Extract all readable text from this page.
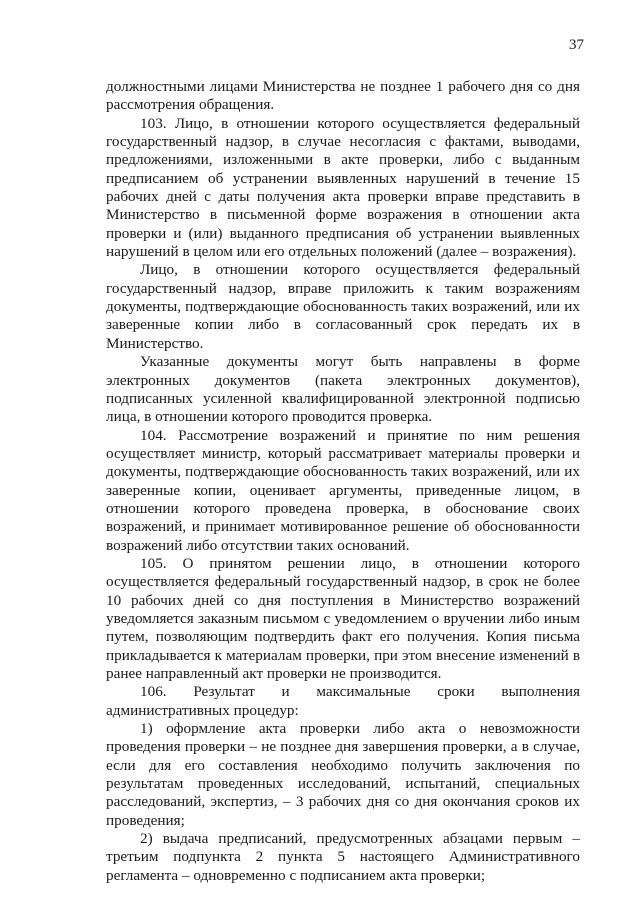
37

должностными лицами Министерства не позднее 1 рабочего дня со дня рассмотрения обращения.

103. Лицо, в отношении которого осуществляется федеральный государственный надзор, в случае несогласия с фактами, выводами, предложениями, изложенными в акте проверки, либо с выданным предписанием об устранении выявленных нарушений в течение 15 рабочих дней с даты получения акта проверки вправе представить в Министерство в письменной форме возражения в отношении акта проверки и (или) выданного предписания об устранении выявленных нарушений в целом или его отдельных положений (далее – возражения).

Лицо, в отношении которого осуществляется федеральный государственный надзор, вправе приложить к таким возражениям документы, подтверждающие обоснованность таких возражений, или их заверенные копии либо в согласованный срок передать их в Министерство.

Указанные документы могут быть направлены в форме электронных документов (пакета электронных документов), подписанных усиленной квалифицированной электронной подписью лица, в отношении которого проводится проверка.

104. Рассмотрение возражений и принятие по ним решения осуществляет министр, который рассматривает материалы проверки и документы, подтверждающие обоснованность таких возражений, или их заверенные копии, оценивает аргументы, приведенные лицом, в отношении которого проведена проверка, в обоснование своих возражений, и принимает мотивированное решение об обоснованности возражений либо отсутствии таких оснований.

105. О принятом решении лицо, в отношении которого осуществляется федеральный государственный надзор, в срок не более 10 рабочих дней со дня поступления в Министерство возражений уведомляется заказным письмом с уведомлением о вручении либо иным путем, позволяющим подтвердить факт его получения. Копия письма прикладывается к материалам проверки, при этом внесение изменений в ранее направленный акт проверки не производится.

106. Результат и максимальные сроки выполнения административных процедур:

1) оформление акта проверки либо акта о невозможности проведения проверки – не позднее дня завершения проверки, а в случае, если для его составления необходимо получить заключения по результатам проведенных исследований, испытаний, специальных расследований, экспертиз, – 3 рабочих дня со дня окончания сроков их проведения;

2) выдача предписаний, предусмотренных абзацами первым – третьим подпункта 2 пункта 5 настоящего Административного регламента – одновременно с подписанием акта проверки;
